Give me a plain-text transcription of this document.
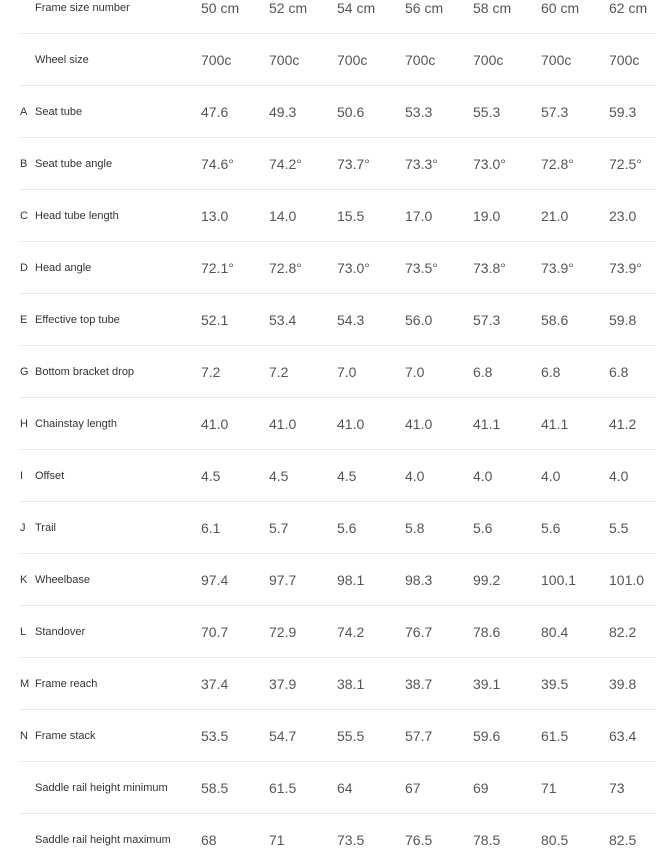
Frame size number	50 cm 52 cm 54 cm 56 cm 58 cm 60 cm 62 cm
Wheel size	700c	700c	700c	700c	700c	700c	700c
A Seat tube	47.6	49.3	50.6	53.3	55.3	57.3	59.3
B Seat tube angle	74.6°	74.2°	73.7°	73.3°	73.0°	72.8°	72.5°
C Head tube length	13.0	14.0	15.5	17.0	19.0	21.0	23.0
D Head angle	72.1°	72.8°	73.0°	73.5°	73.8°	73.9°	73.9°
E Effective top tube	52.1	53.4	54.3	56.0	57.3	58.6	59.8
G Bottom bracket drop	7.2	7.2	7.0	7.0	6.8	6.8	6.8
H Chainstay length	41.0	41.0	41.0	41.0	41.1	41.1	41.2
I Offset	4.5	4.5	4.5	4.0	4.0	4.0	4.0
J Trail	6.1	5.7	5.6	5.8	5.6	5.6	5.5
K Wheelbase	97.4	97.7	98.1	98.3	99.2	100.1 101.0
L Standover	70.7	72.9	74.2	76.7	78.6	80.4	82.2
M Frame reach	37.4	37.9	38.1	38.7	39.1	39.5	39.8
N Frame stack	53.5	54.7	55.5	57.7	59.6	61.5	63.4
Saddle rail height minimum 58.5	61.5	64	67	69	71	73
Saddle rail height maximum 68	71	73.5	76.5	78.5	80.5	82.5
